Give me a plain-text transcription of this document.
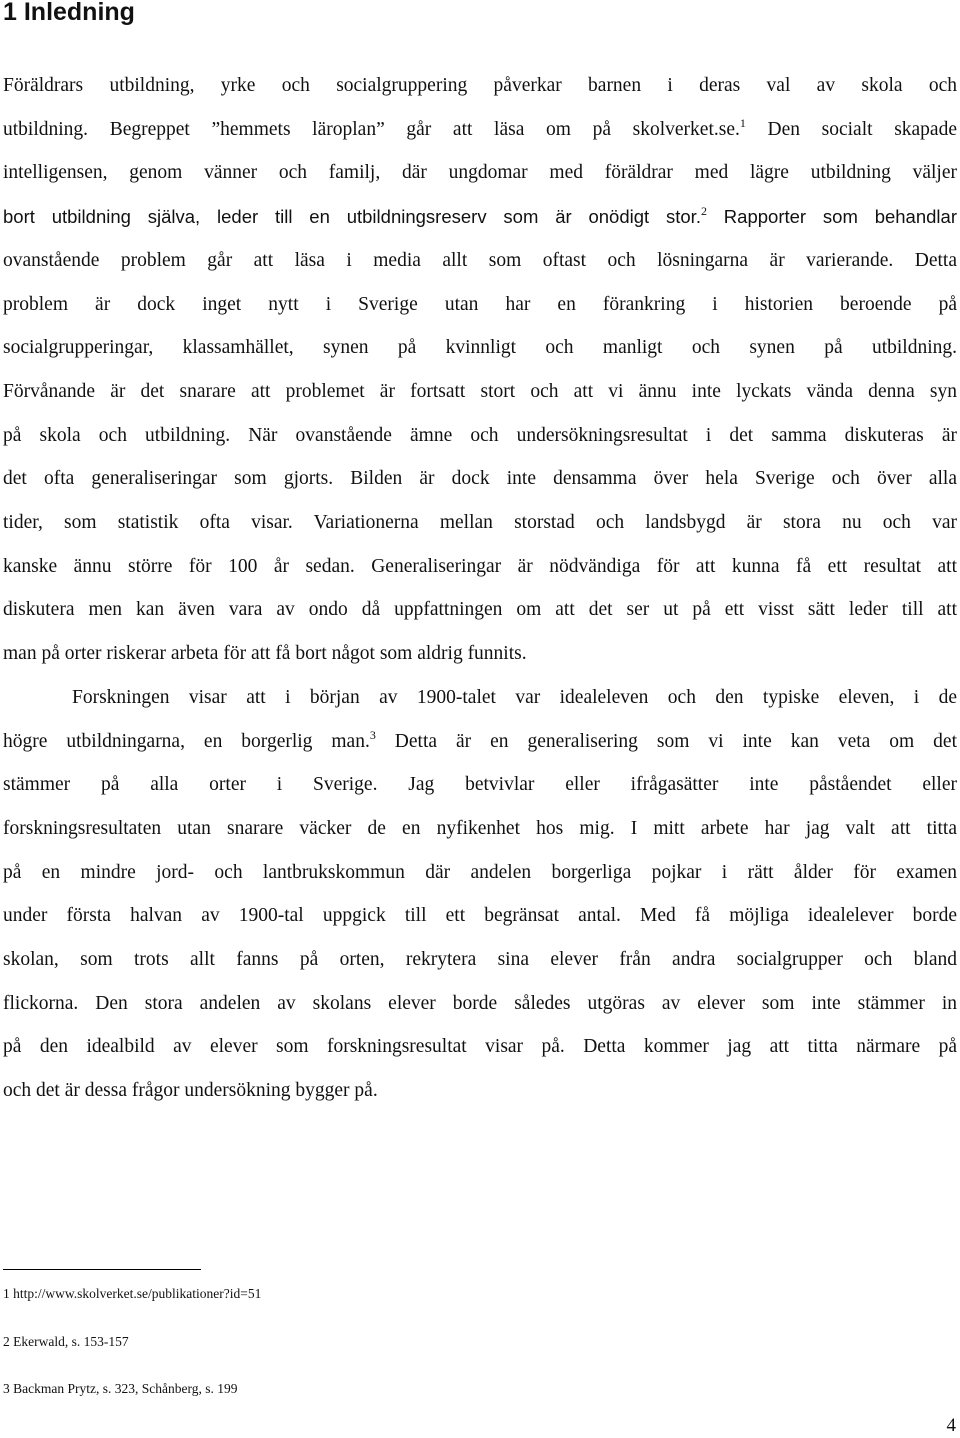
1 Inledning
Föräldrars utbildning, yrke och socialgruppering påverkar barnen i deras val av skola och
utbildning. Begreppet ”hemmets läroplan” går att läsa om på skolverket.se.$^1$ Den socialt skapade
intelligensen, genom vänner och familj, där ungdomar med föräldrar med lägre utbildning väljer
bort utbildning själva, leder till en utbildningsreserv som är onödigt stor.$^2$ Rapporter som behandlar
ovanstående problem går att läsa i media allt som oftast och lösningarna är varierande. Detta
problem är dock inget nytt i Sverige utan har en förankring i historien beroende på
socialgrupperingar, klassamhället, synen på kvinnligt och manligt och synen på utbildning.
Förvånande är det snarare att problemet är fortsatt stort och att vi ännu inte lyckats vända denna syn
på skola och utbildning. När ovanstående ämne och undersökningsresultat i det samma diskuteras är
det ofta generaliseringar som gjorts. Bilden är dock inte densamma över hela Sverige och över alla
tider, som statistik ofta visar. Variationerna mellan storstad och landsbygd är stora nu och var
kanske ännu större för 100 år sedan. Generaliseringar är nödvändiga för att kunna få ett resultat att
diskutera men kan även vara av ondo då uppfattningen om att det ser ut på ett visst sätt leder till att
man på orter riskerar arbeta för att få bort något som aldrig funnits.
Forskningen visar att i början av 1900-talet var idealeleven och den typiske eleven, i de
högre utbildningarna, en borgerlig man.$^3$ Detta är en generalisering som vi inte kan veta om det
stämmer på alla orter i Sverige. Jag betvivlar eller ifrågasätter inte påståendet eller
forskningsresultaten utan snarare väcker de en nyfikenhet hos mig. I mitt arbete har jag valt att titta
på en mindre jord- och lantbrukskommun där andelen borgerliga pojkar i rätt ålder för examen
under första halvan av 1900-tal uppgick till ett begränsat antal. Med få möjliga idealelever borde
skolan, som trots allt fanns på orten, rekrytera sina elever från andra socialgrupper och bland
flickorna. Den stora andelen av skolans elever borde således utgöras av elever som inte stämmer in
på den idealbild av elever som forskningsresultat visar på. Detta kommer jag att titta närmare på
och det är dessa frågor undersökning bygger på.
1 http://www.skolverket.se/publikationer?id=51
2 Ekerwald, s. 153-157
3 Backman Prytz, s. 323, Schånberg, s. 199
4
